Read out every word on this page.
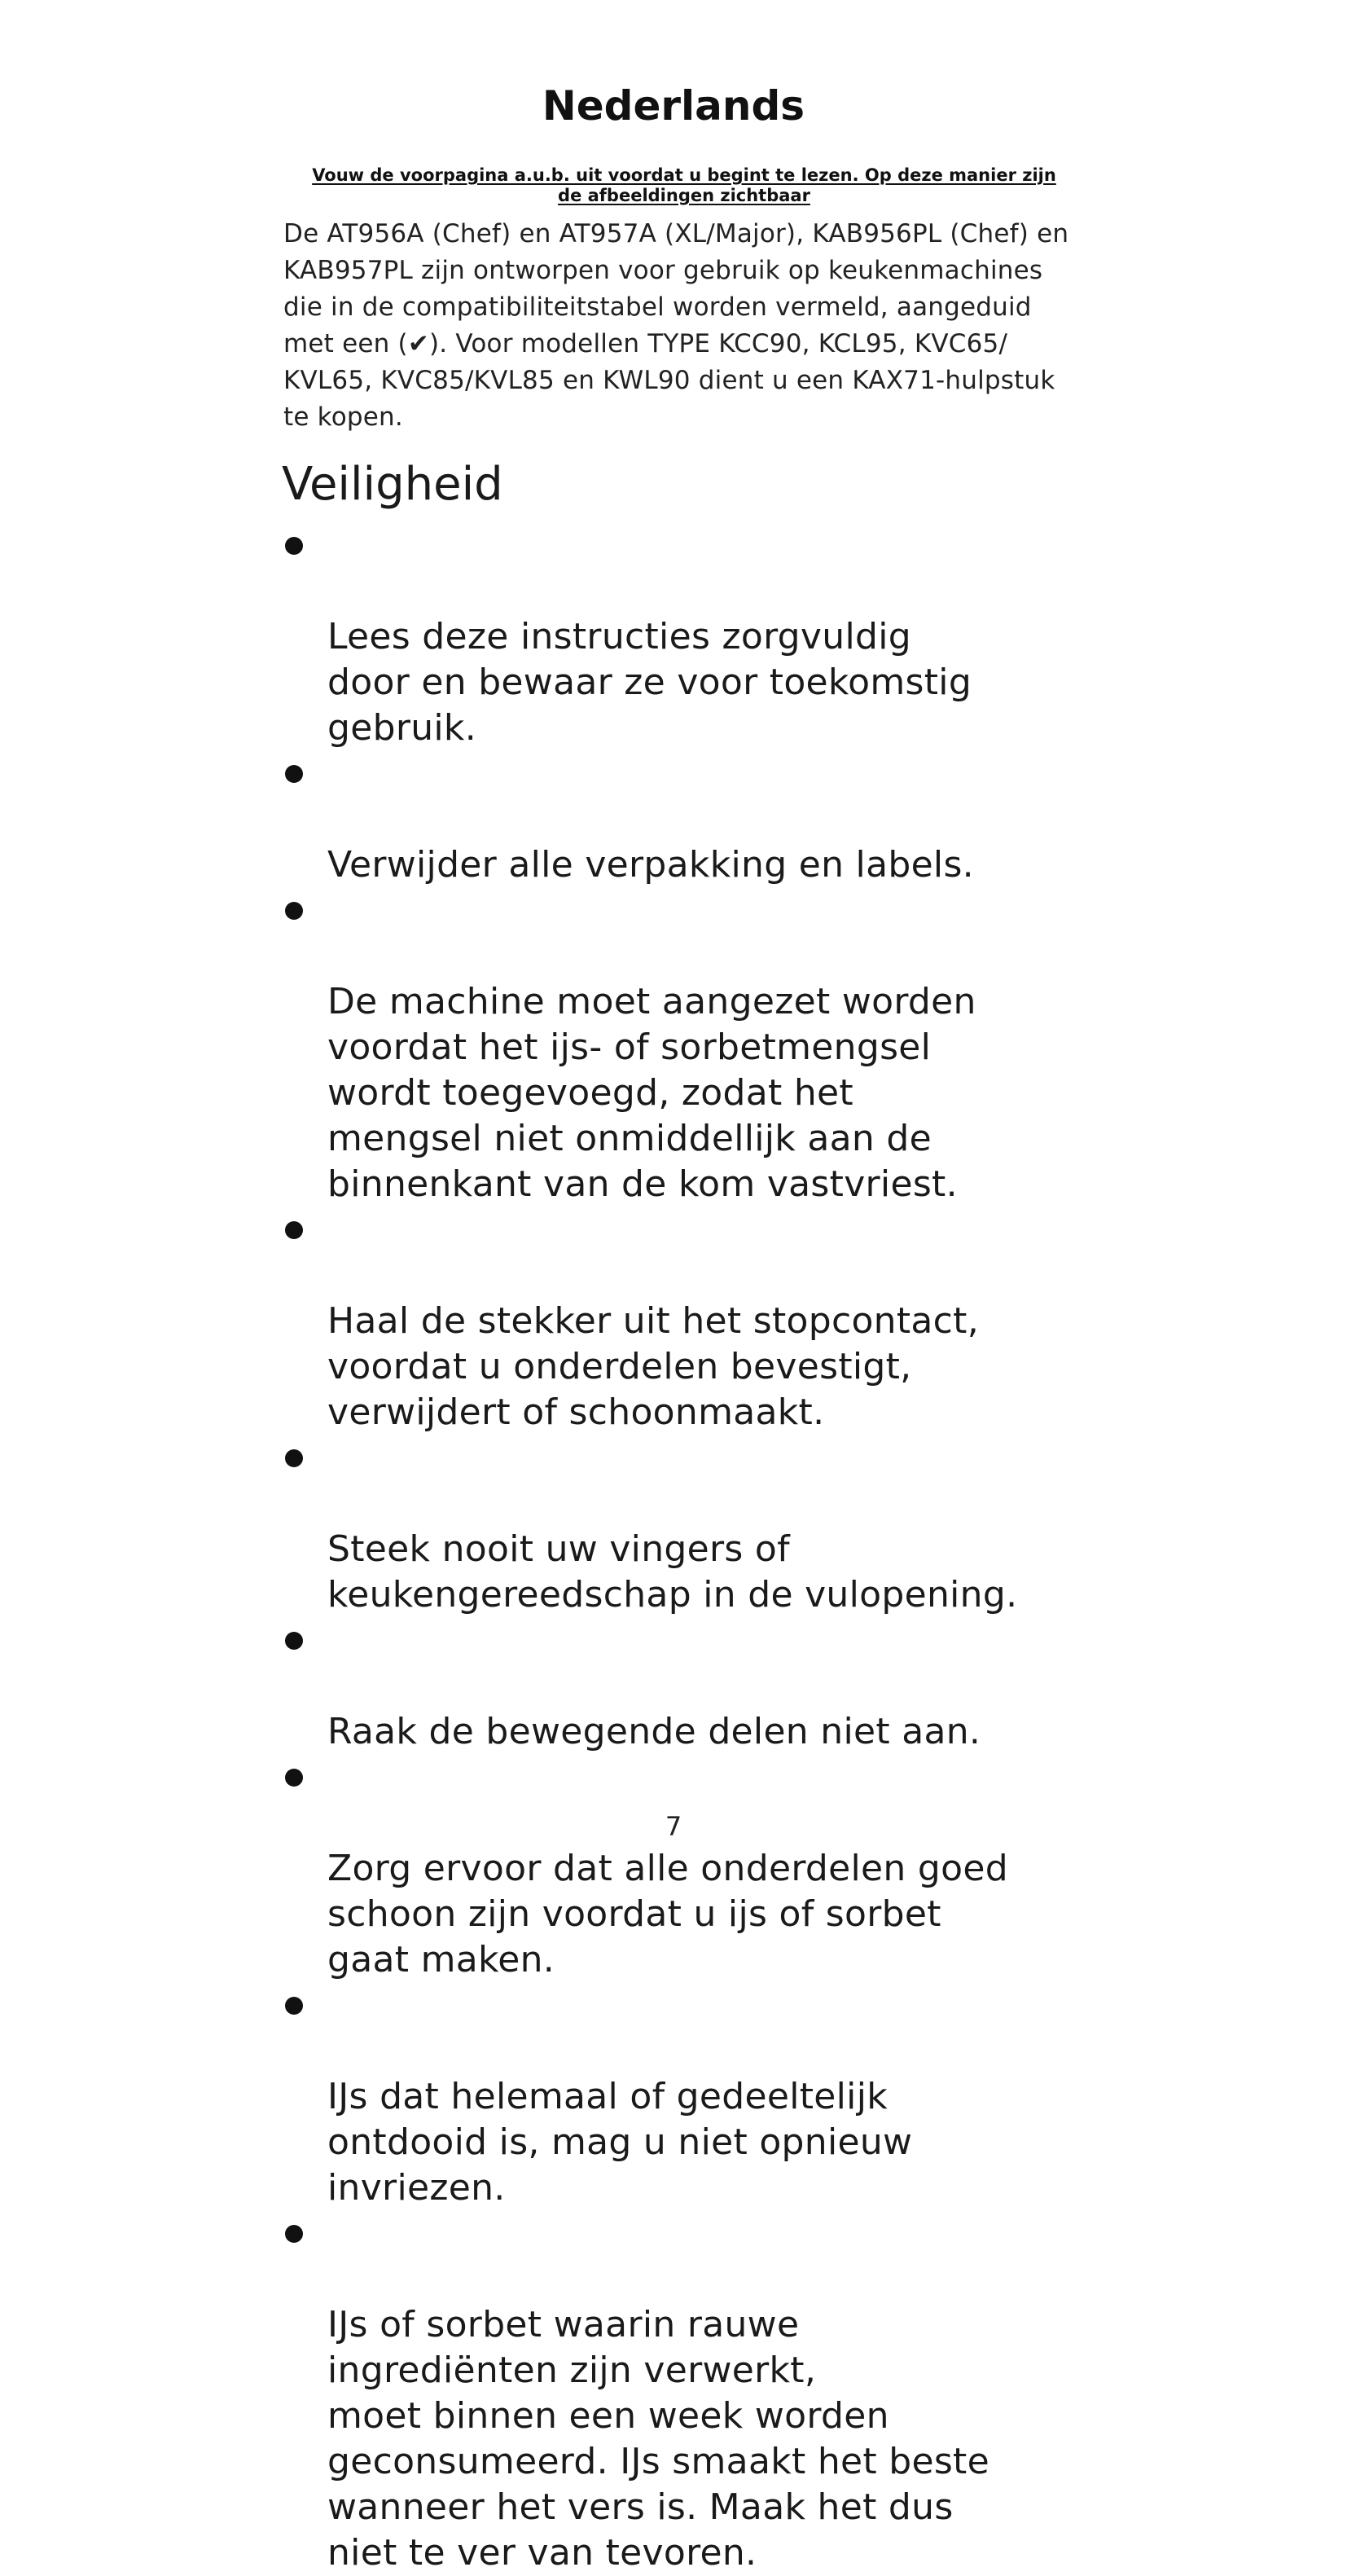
Nederlands

Vouw de voorpagina a.u.b. uit voordat u begint te lezen. Op deze manier zijn de afbeeldingen zichtbaar

De AT956A (Chef) en AT957A (XL/Major), KAB956PL (Chef) en KAB957PL zijn ontworpen voor gebruik op keukenmachines die in de compatibiliteitstabel worden vermeld, aangeduid met een (✔). Voor modellen TYPE KCC90, KCL95, KVC65/ KVL65, KVC85/KVL85 en KWL90 dient u een KAX71-hulpstuk te kopen.

Veiligheid

Lees deze instructies zorgvuldig
door en bewaar ze voor toekomstig
gebruik.

Verwijder alle verpakking en labels.

De machine moet aangezet worden
voordat het ijs- of sorbetmengsel
wordt toegevoegd, zodat het
mengsel niet onmiddellijk aan de
binnenkant van de kom vastvriest.

Haal de stekker uit het stopcontact,
voordat u onderdelen bevestigt,
verwijdert of schoonmaakt.

Steek nooit uw vingers of
keukengereedschap in de vulopening.

Raak de bewegende delen niet aan.

Zorg ervoor dat alle onderdelen goed
schoon zijn voordat u ijs of sorbet
gaat maken.

IJs dat helemaal of gedeeltelijk
ontdooid is, mag u niet opnieuw
invriezen.

IJs of sorbet waarin rauwe
ingrediënten zijn verwerkt,
moet binnen een week worden
geconsumeerd. IJs smaakt het beste
wanneer het vers is. Maak het dus
niet te ver van tevoren.

7
